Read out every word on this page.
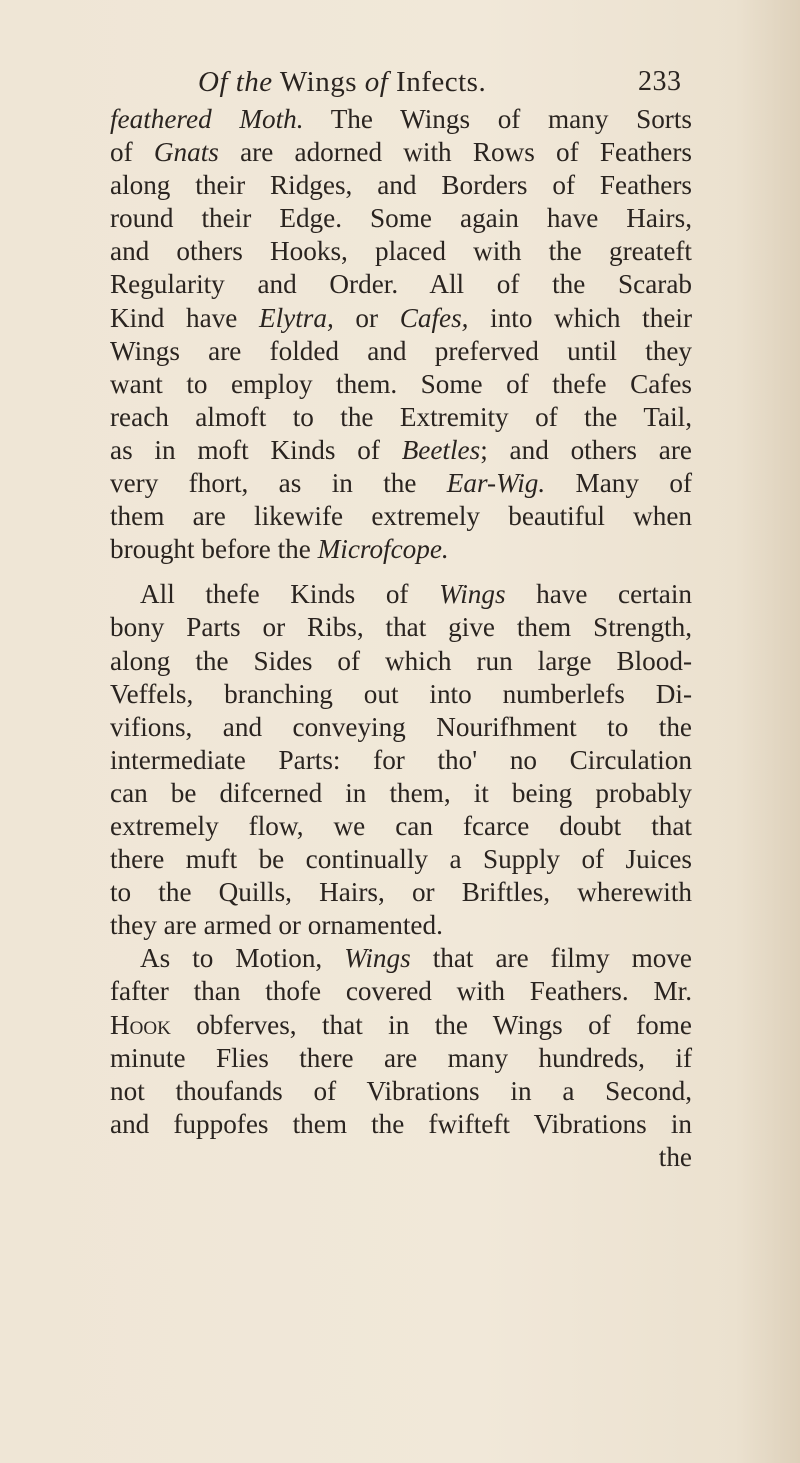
Of the Wings of Infects.	233
feathered Moth. The Wings of many Sorts
of Gnats are adorned with Rows of Feathers
along their Ridges, and Borders of Feathers
round their Edge. Some again have Hairs,
and others Hooks, placed with the greateft
Regularity and Order. All of the Scarab
Kind have Elytra, or Cafes, into which their
Wings are folded and preferved until they
want to employ them. Some of thefe Cafes
reach almoft to the Extremity of the Tail,
as in moft Kinds of Beetles; and others are
very fhort, as in the Ear-Wig. Many of
them are likewife extremely beautiful when
brought before the Microfcope.
All thefe Kinds of Wings have certain
bony Parts or Ribs, that give them Strength,
along the Sides of which run large Blood-
Veffels, branching out into numberlefs Di-
vifions, and conveying Nourifhment to the
intermediate Parts: for tho' no Circulation
can be difcerned in them, it being probably
extremely flow, we can fcarce doubt that
there muft be continually a Supply of Juices
to the Quills, Hairs, or Briftles, wherewith
they are armed or ornamented.
As to Motion, Wings that are filmy move
fafter than thofe covered with Feathers. Mr.
Hook obferves, that in the Wings of fome
minute Flies there are many hundreds, if
not thoufands of Vibrations in a Second,
and fuppofes them the fwifteft Vibrations in
the
